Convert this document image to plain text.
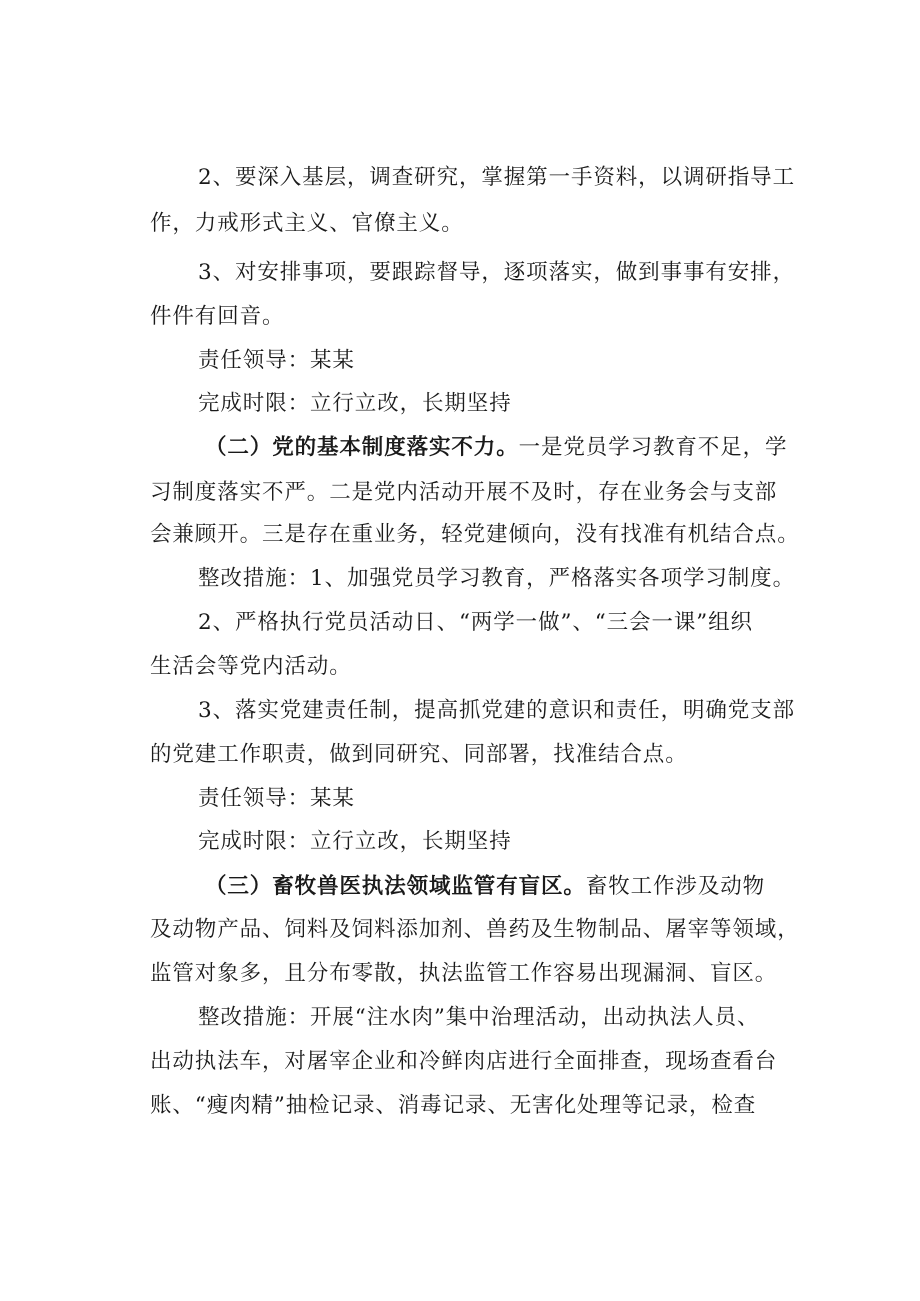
2、要深入基层，调查研究，掌握第一手资料，以调研指导工
作，力戒形式主义、官僚主义。
3、对安排事项，要跟踪督导，逐项落实，做到事事有安排，
件件有回音。
责任领导：某某
完成时限：立行立改，长期坚持
（二）党的基本制度落实不力。一是党员学习教育不足，学
习制度落实不严。二是党内活动开展不及时，存在业务会与支部
会兼顾开。三是存在重业务，轻党建倾向，没有找准有机结合点。
整改措施：1、加强党员学习教育，严格落实各项学习制度。
2、严格执行党员活动日、“两学一做”、“三会一课”组织
生活会等党内活动。
3、落实党建责任制，提高抓党建的意识和责任，明确党支部
的党建工作职责，做到同研究、同部署，找准结合点。
责任领导：某某
完成时限：立行立改，长期坚持
（三）畜牧兽医执法领域监管有盲区。畜牧工作涉及动物
及动物产品、饲料及饲料添加剂、兽药及生物制品、屠宰等领域，
监管对象多，且分布零散，执法监管工作容易出现漏洞、盲区。
整改措施：开展“注水肉”集中治理活动，出动执法人员、
出动执法车，对屠宰企业和冷鲜肉店进行全面排查，现场查看台
账、“瘦肉精”抽检记录、消毒记录、无害化处理等记录，检查
